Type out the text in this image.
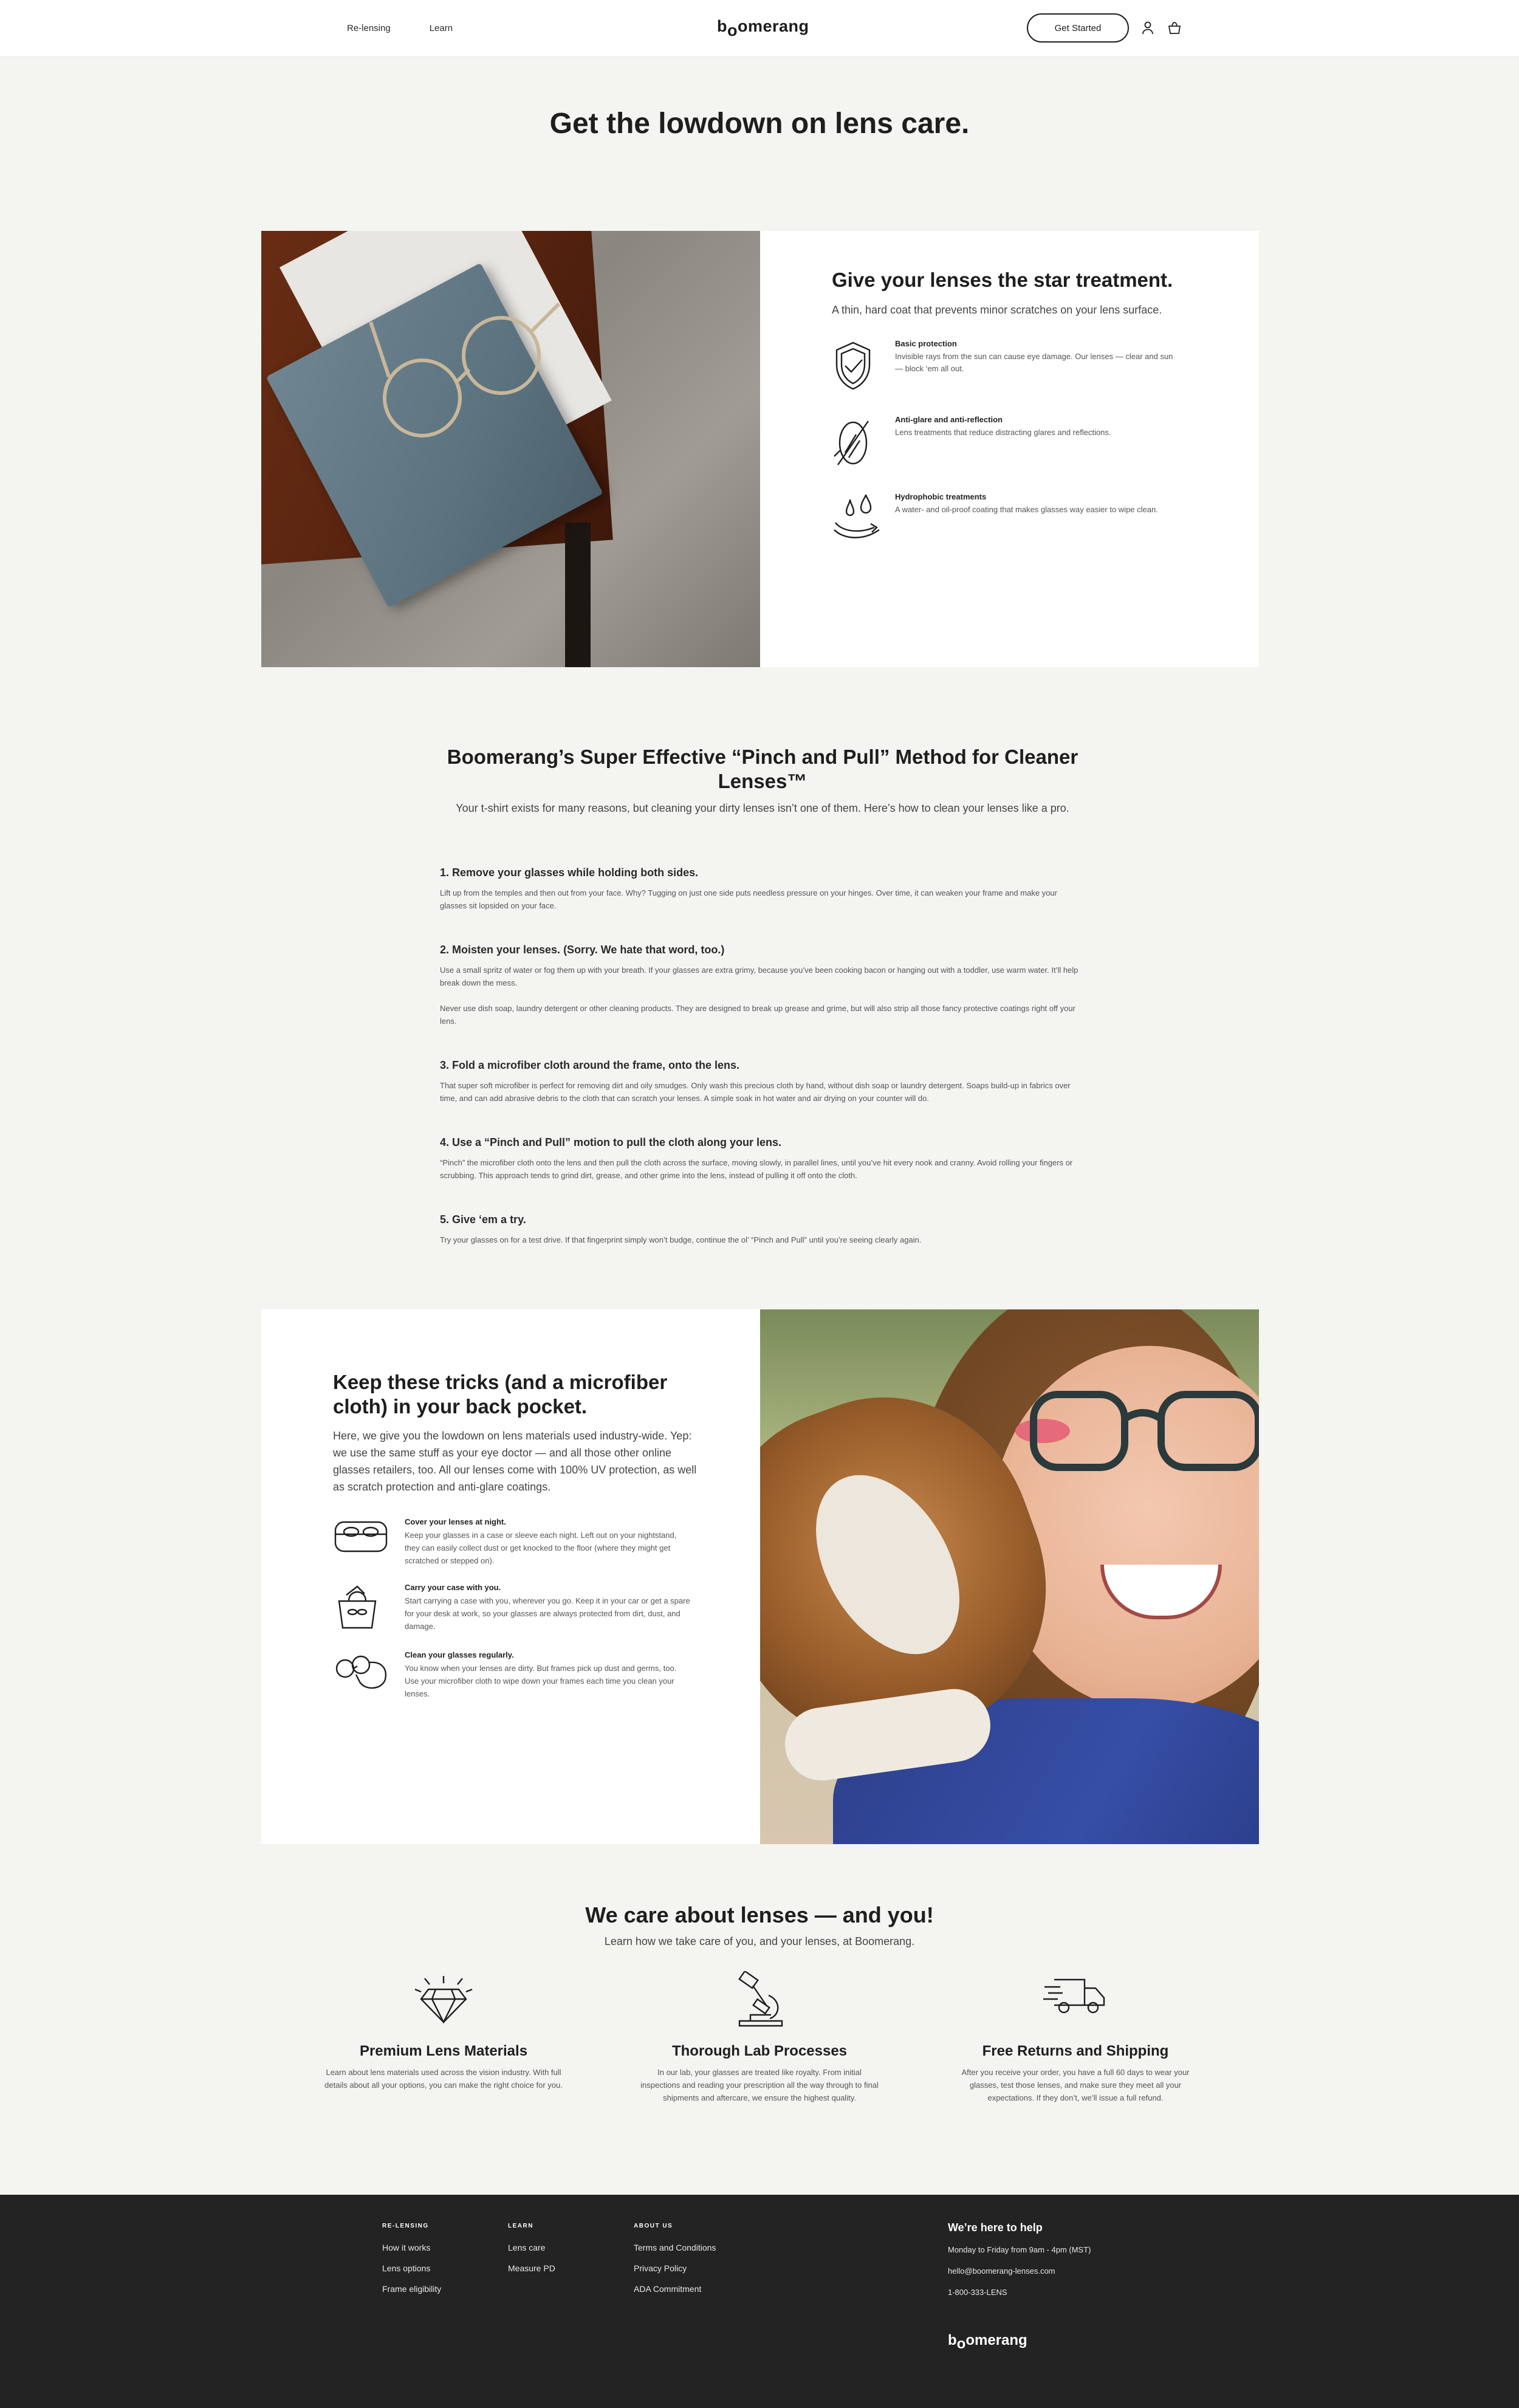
Re-lensing	Learn	boomerang	Get Started
Get the lowdown on lens care.
Give your lenses the star treatment.

A thin, hard coat that prevents minor scratches on your lens surface.

Basic protection
Invisible rays from the sun can cause eye damage. Our lenses — clear and sun — block ‘em all out.
Anti-glare and anti-reflection
Lens treatments that reduce distracting glares and reflections.
Hydrophobic treatments
A water- and oil-proof coating that makes glasses way easier to wipe clean.
Boomerang’s Super Effective “Pinch and Pull” Method for Cleaner Lenses™

Your t-shirt exists for many reasons, but cleaning your dirty lenses isn’t one of them. Here’s how to clean your lenses like a pro.

1. Remove your glasses while holding both sides.

Lift up from the temples and then out from your face. Why? Tugging on just one side puts needless pressure on your hinges. Over time, it can weaken your frame and make your glasses sit lopsided on your face.

2. Moisten your lenses. (Sorry. We hate that word, too.)

Use a small spritz of water or fog them up with your breath. If your glasses are extra grimy, because you’ve been cooking bacon or hanging out with a toddler, use warm water. It’ll help break down the mess.

Never use dish soap, laundry detergent or other cleaning products. They are designed to break up grease and grime, but will also strip all those fancy protective coatings right off your lens.

3. Fold a microfiber cloth around the frame, onto the lens.

That super soft microfiber is perfect for removing dirt and oily smudges. Only wash this precious cloth by hand, without dish soap or laundry detergent. Soaps build-up in fabrics over time, and can add abrasive debris to the cloth that can scratch your lenses. A simple soak in hot water and air drying on your counter will do.

4. Use a “Pinch and Pull” motion to pull the cloth along your lens.

“Pinch” the microfiber cloth onto the lens and then pull the cloth across the surface, moving slowly, in parallel lines, until you’ve hit every nook and cranny. Avoid rolling your fingers or scrubbing. This approach tends to grind dirt, grease, and other grime into the lens, instead of pulling it off onto the cloth.

5. Give ‘em a try.

Try your glasses on for a test drive. If that fingerprint simply won’t budge, continue the ol’ “Pinch and Pull” until you’re seeing clearly again.

Keep these tricks (and a microfiber cloth) in your back pocket.

Here, we give you the lowdown on lens materials used industry-wide. Yep: we use the same stuff as your eye doctor — and all those other online glasses retailers, too. All our lenses come with 100% UV protection, as well as scratch protection and anti-glare coatings.

Cover your lenses at night.
Keep your glasses in a case or sleeve each night. Left out on your nightstand, they can easily collect dust or get knocked to the floor (where they might get scratched or stepped on).
Carry your case with you.
Start carrying a case with you, wherever you go. Keep it in your car or get a spare for your desk at work, so your glasses are always protected from dirt, dust, and damage.
Clean your glasses regularly.
You know when your lenses are dirty. But frames pick up dust and germs, too. Use your microfiber cloth to wipe down your frames each time you clean your lenses.
We care about lenses — and you!

Learn how we take care of you, and your lenses, at Boomerang.

Premium Lens Materials

Learn about lens materials used across the vision industry. With full details about all your options, you can make the right choice for you.

Thorough Lab Processes

In our lab, your glasses are treated like royalty. From initial inspections and reading your prescription all the way through to final shipments and aftercare, we ensure the highest quality.

Free Returns and Shipping

After you receive your order, you have a full 60 days to wear your glasses, test those lenses, and make sure they meet all your expectations. If they don’t, we’ll issue a full refund.

RE-LENSING
How it works
Lens options
Frame eligibility
LEARN
Lens care
Measure PD
ABOUT US
Terms and Conditions
Privacy Policy
ADA Commitment
We’re here to help
Monday to Friday from 9am - 4pm (MST)
hello@boomerang-lenses.com
1-800-333-LENS
boomerang
